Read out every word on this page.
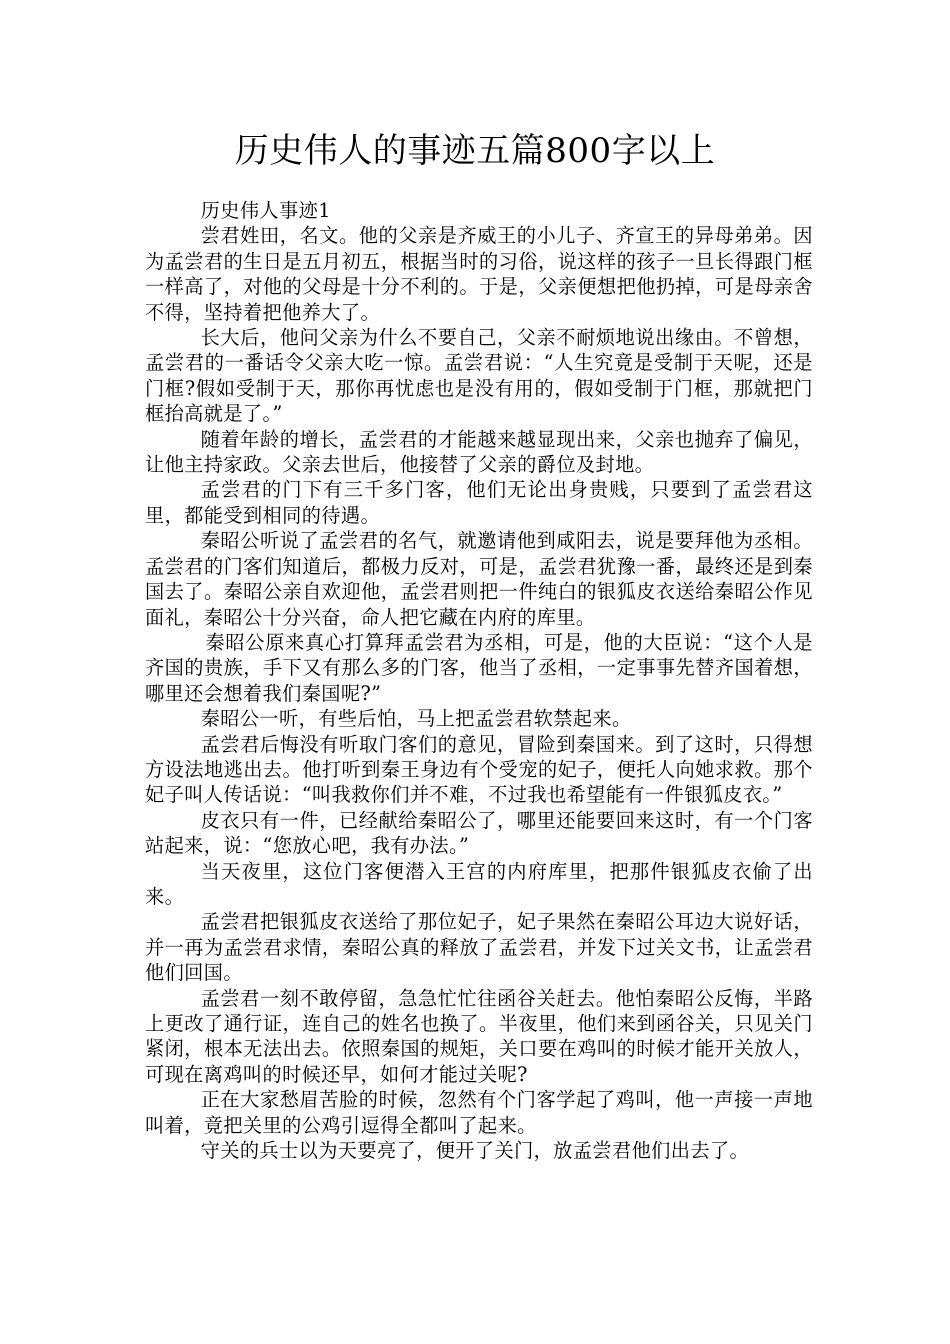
历史伟人的事迹五篇800字以上

历史伟人事迹1

尝君姓田，名文。他的父亲是齐威王的小儿子、齐宣王的异母弟弟。因为孟尝君的生日是五月初五，根据当时的习俗，说这样的孩子一旦长得跟门框一样高了，对他的父母是十分不利的。于是，父亲便想把他扔掉，可是母亲舍不得，坚持着把他养大了。

长大后，他问父亲为什么不要自己，父亲不耐烦地说出缘由。不曾想，孟尝君的一番话令父亲大吃一惊。孟尝君说：“人生究竟是受制于天呢，还是门框?假如受制于天，那你再忧虑也是没有用的，假如受制于门框，那就把门框抬高就是了。”

随着年龄的增长，孟尝君的才能越来越显现出来，父亲也抛弃了偏见，让他主持家政。父亲去世后，他接替了父亲的爵位及封地。

孟尝君的门下有三千多门客，他们无论出身贵贱，只要到了孟尝君这里，都能受到相同的待遇。

秦昭公听说了孟尝君的名气，就邀请他到咸阳去，说是要拜他为丞相。孟尝君的门客们知道后，都极力反对，可是，孟尝君犹豫一番，最终还是到秦国去了。秦昭公亲自欢迎他，孟尝君则把一件纯白的银狐皮衣送给秦昭公作见面礼，秦昭公十分兴奋，命人把它藏在内府的库里。

秦昭公原来真心打算拜孟尝君为丞相，可是，他的大臣说：“这个人是齐国的贵族，手下又有那么多的门客，他当了丞相，一定事事先替齐国着想，哪里还会想着我们秦国呢?”

秦昭公一听，有些后怕，马上把孟尝君软禁起来。

孟尝君后悔没有听取门客们的意见，冒险到秦国来。到了这时，只得想方设法地逃出去。他打听到秦王身边有个受宠的妃子，便托人向她求救。那个妃子叫人传话说：“叫我救你们并不难，不过我也希望能有一件银狐皮衣。”

皮衣只有一件，已经献给秦昭公了，哪里还能要回来这时，有一个门客站起来，说：“您放心吧，我有办法。”

当天夜里，这位门客便潜入王宫的内府库里，把那件银狐皮衣偷了出来。

孟尝君把银狐皮衣送给了那位妃子，妃子果然在秦昭公耳边大说好话，并一再为孟尝君求情，秦昭公真的释放了孟尝君，并发下过关文书，让孟尝君他们回国。

孟尝君一刻不敢停留，急急忙忙往函谷关赶去。他怕秦昭公反悔，半路上更改了通行证，连自己的姓名也换了。半夜里，他们来到函谷关，只见关门紧闭，根本无法出去。依照秦国的规矩，关口要在鸡叫的时候才能开关放人，可现在离鸡叫的时候还早，如何才能过关呢?

正在大家愁眉苦脸的时候，忽然有个门客学起了鸡叫，他一声接一声地叫着，竟把关里的公鸡引逗得全都叫了起来。

守关的兵士以为天要亮了，便开了关门，放孟尝君他们出去了。
